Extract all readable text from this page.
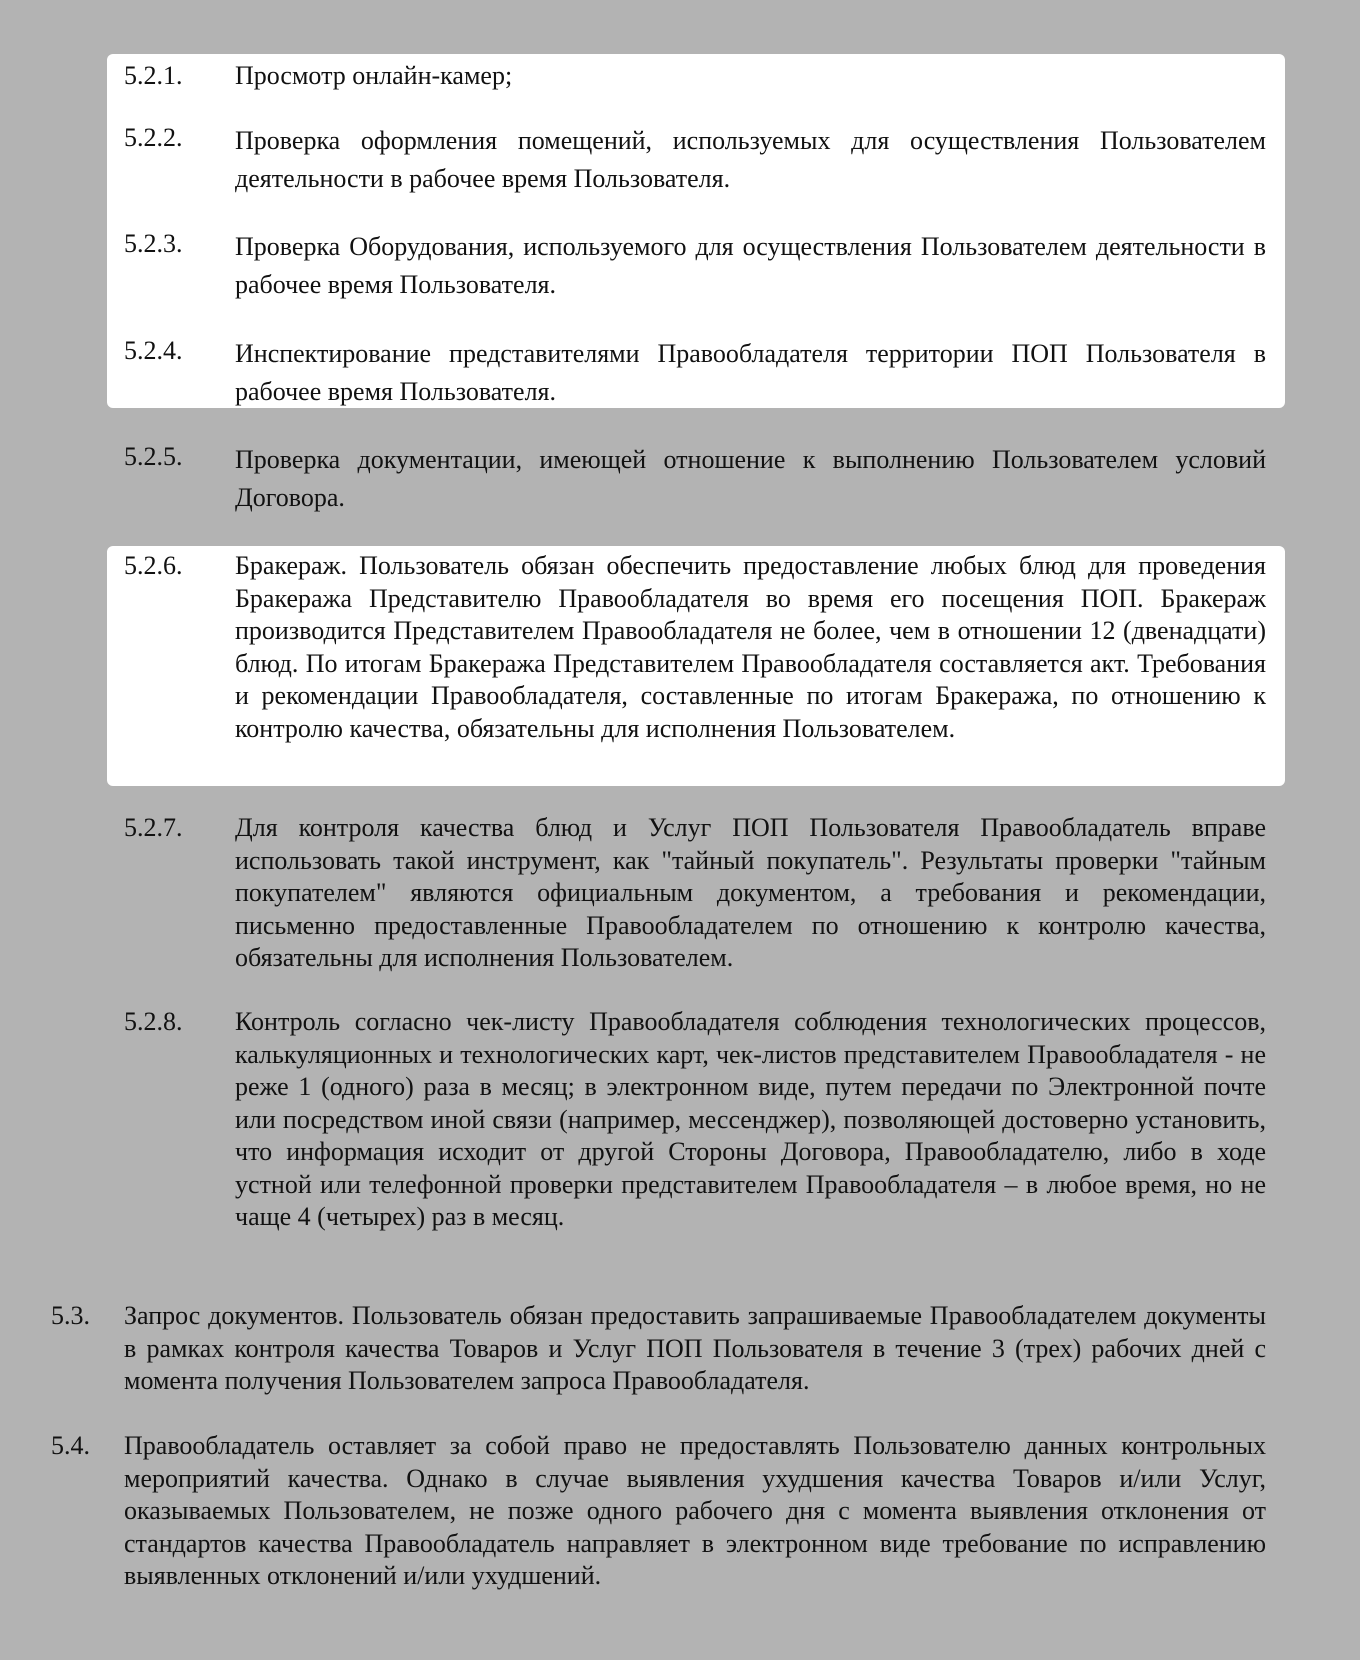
5.2.1. Просмотр онлайн-камер;
5.2.2. Проверка оформления помещений, используемых для осуществления Пользователем деятельности в рабочее время Пользователя.
5.2.3. Проверка Оборудования, используемого для осуществления Пользователем деятельности в рабочее время Пользователя.
5.2.4. Инспектирование представителями Правообладателя территории ПОП Пользователя в рабочее время Пользователя.
5.2.5. Проверка документации, имеющей отношение к выполнению Пользователем условий Договора.
5.2.6. Бракераж. Пользователь обязан обеспечить предоставление любых блюд для проведения Бракеража Представителю Правообладателя во время его посещения ПОП. Бракераж производится Представителем Правообладателя не более, чем в отношении 12 (двенадцати) блюд. По итогам Бракеража Представителем Правообладателя составляется акт. Требования и рекомендации Правообладателя, составленные по итогам Бракеража, по отношению к контролю качества, обязательны для исполнения Пользователем.
5.2.7. Для контроля качества блюд и Услуг ПОП Пользователя Правообладатель вправе использовать такой инструмент, как "тайный покупатель". Результаты проверки "тайным покупателем" являются официальным документом, а требования и рекомендации, письменно предоставленные Правообладателем по отношению к контролю качества, обязательны для исполнения Пользователем.
5.2.8. Контроль согласно чек-листу Правообладателя соблюдения технологических процессов, калькуляционных и технологических карт, чек-листов представителем Правообладателя - не реже 1 (одного) раза в месяц; в электронном виде, путем передачи по Электронной почте или посредством иной связи (например, мессенджер), позволяющей достоверно установить, что информация исходит от другой Стороны Договора, Правообладателю, либо в ходе устной или телефонной проверки представителем Правообладателя – в любое время, но не чаще 4 (четырех) раз в месяц.
5.3. Запрос документов. Пользователь обязан предоставить запрашиваемые Правообладателем документы в рамках контроля качества Товаров и Услуг ПОП Пользователя в течение 3 (трех) рабочих дней с момента получения Пользователем запроса Правообладателя.
5.4. Правообладатель оставляет за собой право не предоставлять Пользователю данных контрольных мероприятий качества. Однако в случае выявления ухудшения качества Товаров и/или Услуг, оказываемых Пользователем, не позже одного рабочего дня с момента выявления отклонения от стандартов качества Правообладатель направляет в электронном виде требование по исправлению выявленных отклонений и/или ухудшений.
